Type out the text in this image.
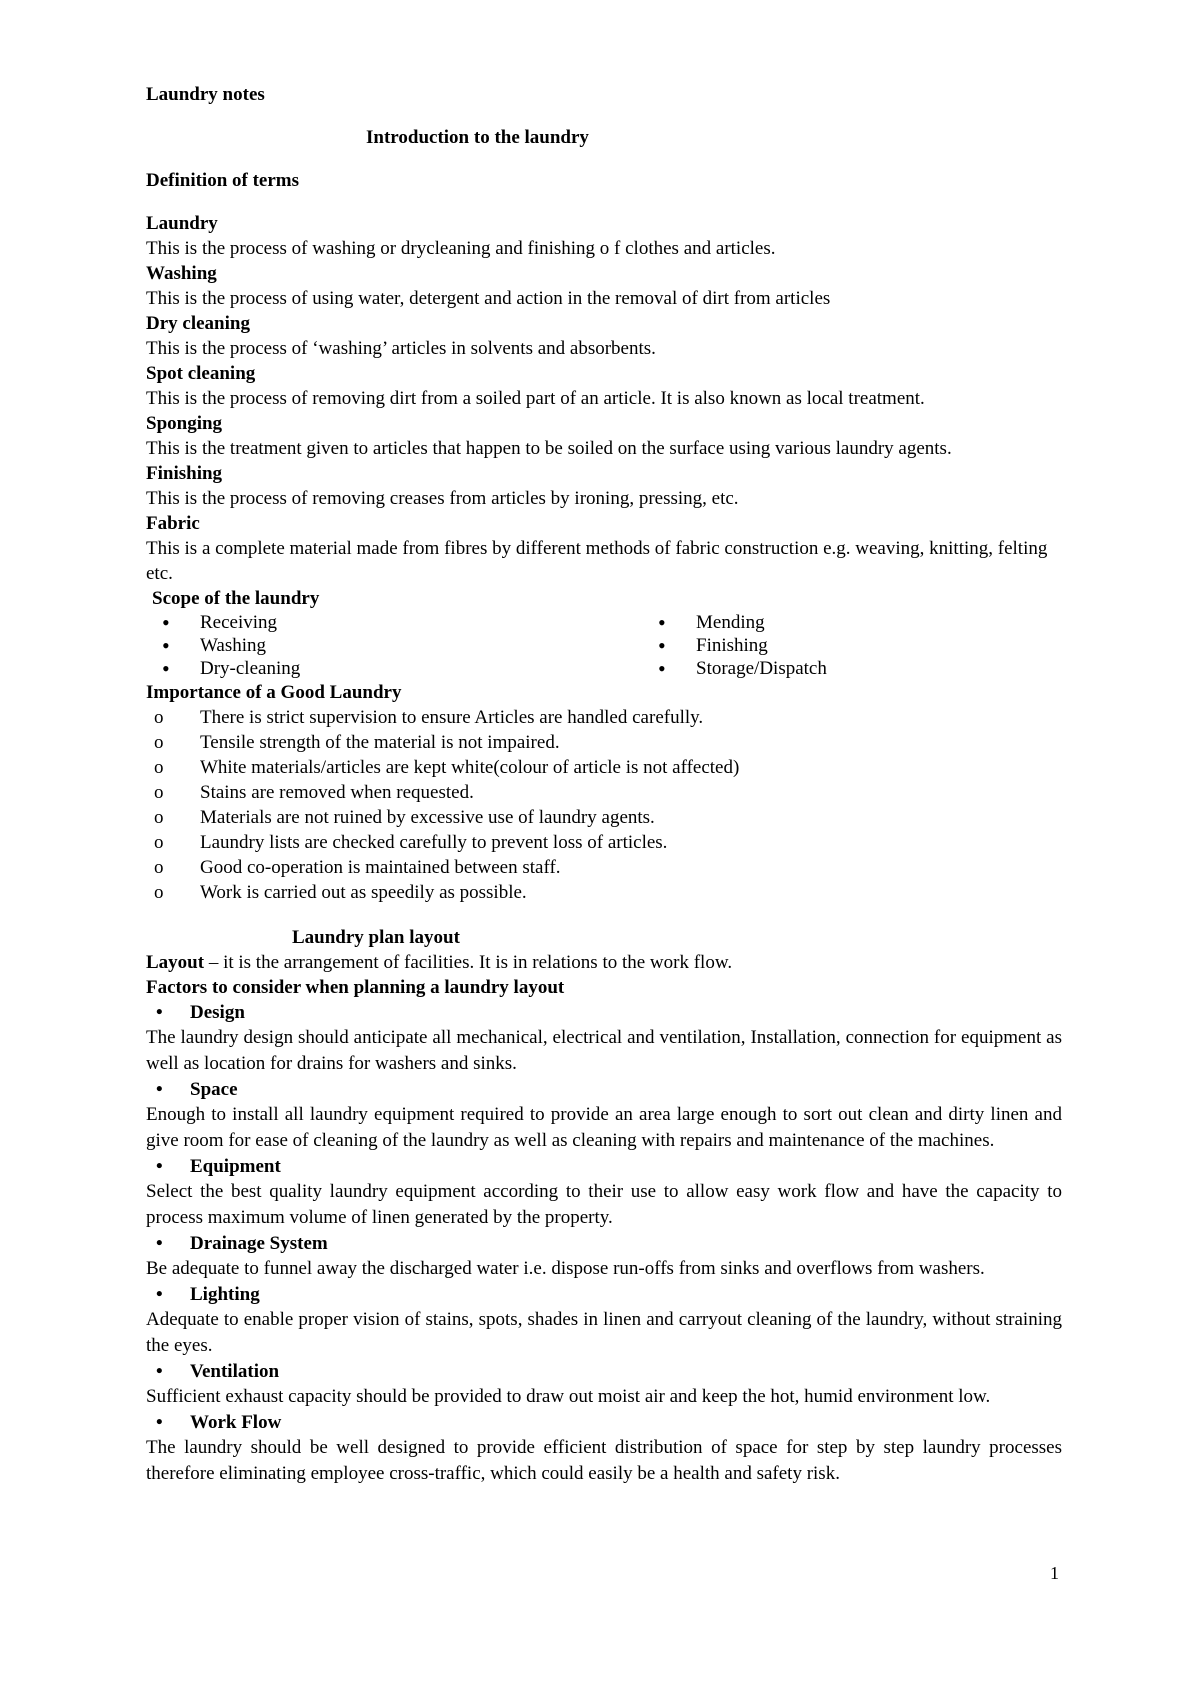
Laundry notes
Introduction to the laundry
Definition of terms
Laundry
This is the process of washing or drycleaning and finishing o f clothes and articles.
Washing
This is the process of using water, detergent and action in the removal of dirt from articles
Dry cleaning
This is the process of ‘washing’ articles in solvents and absorbents.
Spot cleaning
This is the process of removing dirt from a soiled part of an article. It is also known as local treatment.
Sponging
This is the treatment given to articles that happen to be soiled on the surface using various laundry agents.
Finishing
This is the process of removing creases from articles by ironing, pressing, etc.
Fabric
This is a complete material made from fibres by different methods of fabric construction e.g. weaving, knitting, felting etc.
Scope of the laundry
• Receiving
• Washing
• Dry-cleaning
• Mending
• Finishing
• Storage/Dispatch
Importance of a Good Laundry
o There is strict supervision to ensure Articles are handled carefully.
o Tensile strength of the material is not impaired.
o White materials/articles are kept white(colour of article is not affected)
o Stains are removed when requested.
o Materials are not ruined by excessive use of laundry agents.
o Laundry lists are checked carefully to prevent loss of articles.
o Good co-operation is maintained between staff.
o Work is carried out as speedily as possible.
Laundry plan layout
Layout – it is the arrangement of facilities. It is in relations to the work flow.
Factors to consider when planning a laundry layout
• Design
The laundry design should anticipate all mechanical, electrical and ventilation, Installation, connection for equipment as well as location for drains for washers and sinks.
• Space
Enough to install all laundry equipment required to provide an area large enough to sort out clean and dirty linen and give room for ease of cleaning of the laundry as well as cleaning with repairs and maintenance of the machines.
• Equipment
Select the best quality laundry equipment according to their use to allow easy work flow and have the capacity to process maximum volume of linen generated by the property.
• Drainage System
Be adequate to funnel away the discharged water i.e. dispose run-offs from sinks and overflows from washers.
• Lighting
Adequate to enable proper vision of stains, spots, shades in linen and carryout cleaning of the laundry, without straining the eyes.
• Ventilation
Sufficient exhaust capacity should be provided to draw out moist air and keep the hot, humid environment low.
• Work Flow
The laundry should be well designed to provide efficient distribution of space for step by step laundry processes therefore eliminating employee cross-traffic, which could easily be a health and safety risk.
1
